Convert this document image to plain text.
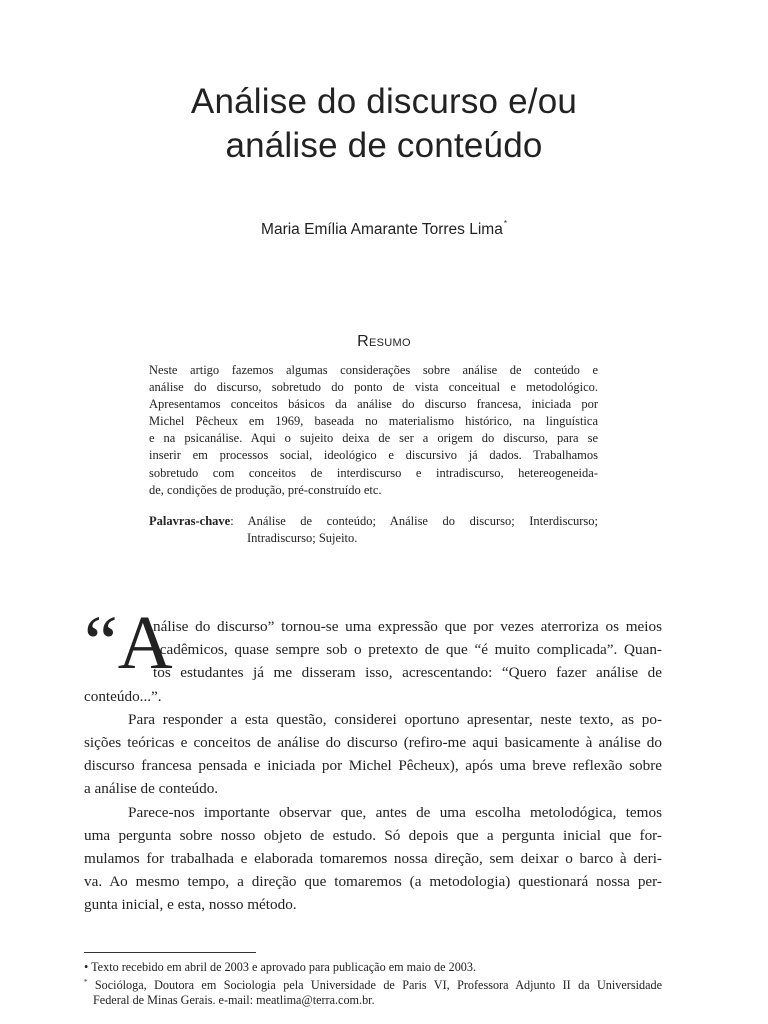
Análise do discurso e/ou
análise de conteúdo
Maria Emília Amarante Torres Lima*
Resumo
Neste artigo fazemos algumas considerações sobre análise de conteúdo e
análise do discurso, sobretudo do ponto de vista conceitual e metodológico.
Apresentamos conceitos básicos da análise do discurso francesa, iniciada por
Michel Pêcheux em 1969, baseada no materialismo histórico, na linguística
e na psicanálise. Aqui o sujeito deixa de ser a origem do discurso, para se
inserir em processos social, ideológico e discursivo já dados. Trabalhamos
sobretudo com conceitos de interdiscurso e intradiscurso, hetereogeneida-
de, condições de produção, pré-construído etc.
Palavras-chave : Análise de conteúdo; Análise do discurso; Interdiscurso;
Intradiscurso; Sujeito.
“A
nálise do discurso” tornou-se uma expressão que por vezes aterroriza os meios
acadêmicos, quase sempre sob o pretexto de que “é muito complicada”. Quan-
tos estudantes já me disseram isso, acrescentando: “Quero fazer análise de
conteúdo...”.
Para responder a esta questão, considerei oportuno apresentar, neste texto, as po-
sições teóricas e conceitos de análise do discurso (refiro-me aqui basicamente à análise do
discurso francesa pensada e iniciada por Michel Pêcheux), após uma breve reflexão sobre
a análise de conteúdo.
Parece-nos importante observar que, antes de uma escolha metolodógica, temos
uma pergunta sobre nosso objeto de estudo. Só depois que a pergunta inicial que for-
mulamos for trabalhada e elaborada tomaremos nossa direção, sem deixar o barco à deri-
va. Ao mesmo tempo, a direção que tomaremos (a metodologia) questionará nossa per-
gunta inicial, e esta, nosso método.
• Texto recebido em abril de 2003 e aprovado para publicação em maio de 2003.
* Socióloga, Doutora em Sociologia pela Universidade de Paris VI, Professora Adjunto II da Universidade
Federal de Minas Gerais. e-mail: meatlima@terra.com.br.
